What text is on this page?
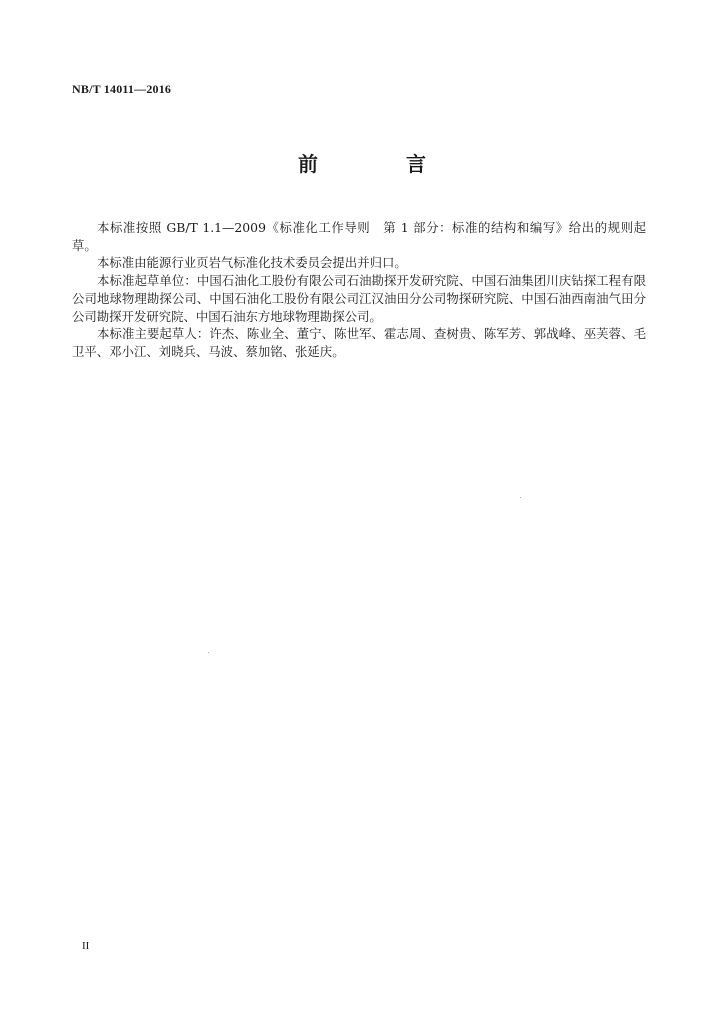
NB/T 14011—2016
前　言

本标准按照 GB/T 1.1—2009《标准化工作导则　第 1 部分：标准的结构和编写》给出的规则起草。

本标准由能源行业页岩气标准化技术委员会提出并归口。

本标准起草单位：中国石油化工股份有限公司石油勘探开发研究院、中国石油集团川庆钻探工程有限公司地球物理勘探公司、中国石油化工股份有限公司江汉油田分公司物探研究院、中国石油西南油气田分公司勘探开发研究院、中国石油东方地球物理勘探公司。

本标准主要起草人：许杰、陈业全、董宁、陈世军、霍志周、查树贵、陈军芳、郭战峰、巫芙蓉、毛卫平、邓小江、刘晓兵、马波、蔡加铭、张延庆。

II
